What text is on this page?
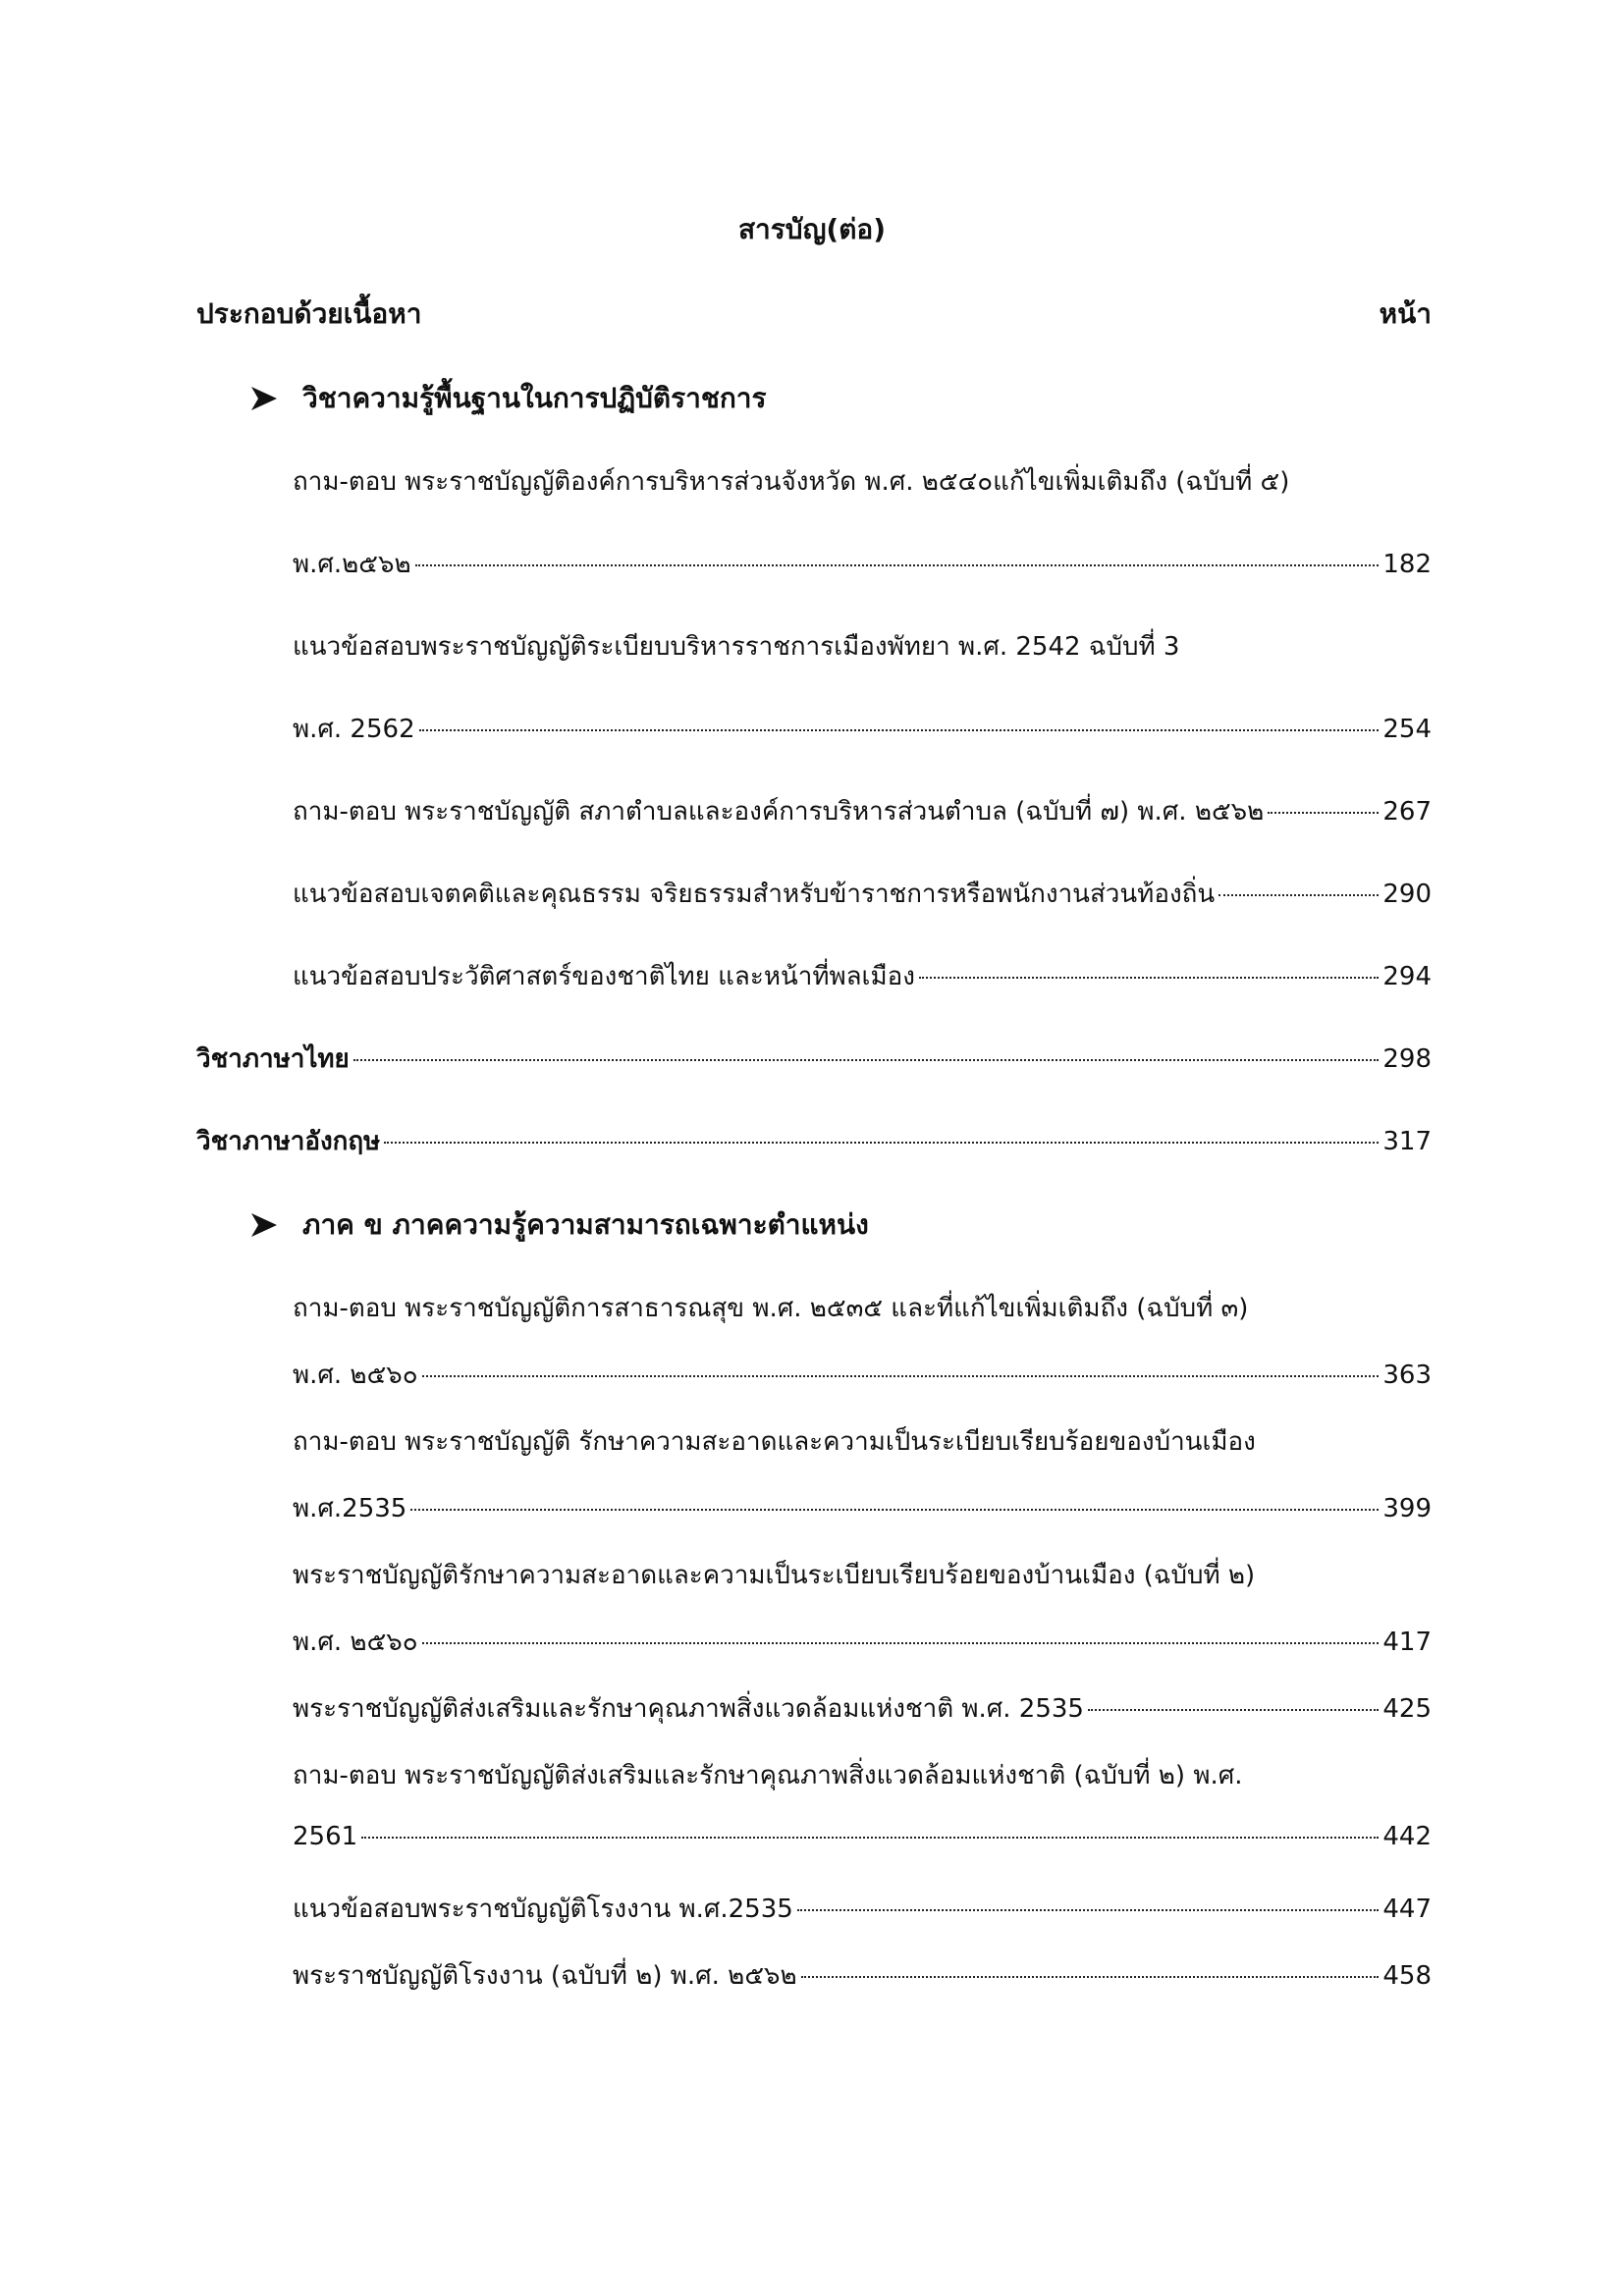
สารบัญ(ต่อ)
ประกอบด้วยเนื้อหา	หน้า
วิชาความรู้พื้นฐานในการปฏิบัติราชการ
ถาม-ตอบ พระราชบัญญัติองค์การบริหารส่วนจังหวัด พ.ศ. ๒๕๔๐แก้ไขเพิ่มเติมถึง (ฉบับที่ ๕)
พ.ศ.๒๕๖๒	182
แนวข้อสอบพระราชบัญญัติระเบียบบริหารราชการเมืองพัทยา พ.ศ. 2542 ฉบับที่ 3
พ.ศ. 2562	254
ถาม-ตอบ พระราชบัญญัติ สภาตำบลและองค์การบริหารส่วนตำบล (ฉบับที่ ๗) พ.ศ. ๒๕๖๒	267
แนวข้อสอบเจตคติและคุณธรรม จริยธรรมสำหรับข้าราชการหรือพนักงานส่วนท้องถิ่น	290
แนวข้อสอบประวัติศาสตร์ของชาติไทย และหน้าที่พลเมือง	294
วิชาภาษาไทย	298
วิชาภาษาอังกฤษ	317
ภาค ข ภาคความรู้ความสามารถเฉพาะตำแหน่ง
ถาม-ตอบ พระราชบัญญัติการสาธารณสุข พ.ศ. ๒๕๓๕ และที่แก้ไขเพิ่มเติมถึง (ฉบับที่ ๓)
พ.ศ. ๒๕๖๐	363
ถาม-ตอบ พระราชบัญญัติ รักษาความสะอาดและความเป็นระเบียบเรียบร้อยของบ้านเมือง
พ.ศ.2535	399
พระราชบัญญัติรักษาความสะอาดและความเป็นระเบียบเรียบร้อยของบ้านเมือง (ฉบับที่ ๒)
พ.ศ. ๒๕๖๐	417
พระราชบัญญัติส่งเสริมและรักษาคุณภาพสิ่งแวดล้อมแห่งชาติ พ.ศ. 2535	425
ถาม-ตอบ พระราชบัญญัติส่งเสริมและรักษาคุณภาพสิ่งแวดล้อมแห่งชาติ (ฉบับที่ ๒) พ.ศ.
2561	442
แนวข้อสอบพระราชบัญญัติโรงงาน พ.ศ.2535	447
พระราชบัญญัติโรงงาน (ฉบับที่ ๒) พ.ศ. ๒๕๖๒	458
